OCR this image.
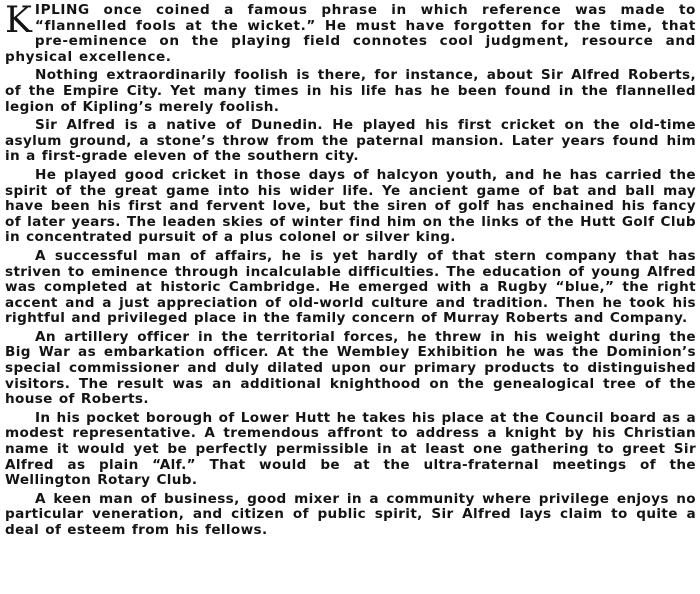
KIPLING once coined a famous phrase in which reference was made to “flannelled fools at the wicket.” He must have forgotten for the time, that pre-eminence on the playing field connotes cool judgment, resource and physical excellence.

Nothing extraordinarily foolish is there, for instance, about Sir Alfred Roberts, of the Empire City. Yet many times in his life has he been found in the flannelled legion of Kipling’s merely foolish.

Sir Alfred is a native of Dunedin. He played his first cricket on the old-time asylum ground, a stone’s throw from the paternal mansion. Later years found him in a first-grade eleven of the southern city.

He played good cricket in those days of halcyon youth, and he has carried the spirit of the great game into his wider life. Ye ancient game of bat and ball may have been his first and fervent love, but the siren of golf has enchained his fancy of later years. The leaden skies of winter find him on the links of the Hutt Golf Club in concentrated pursuit of a plus colonel or silver king.

A successful man of affairs, he is yet hardly of that stern company that has striven to eminence through incalculable difficulties. The education of young Alfred was completed at historic Cambridge. He emerged with a Rugby “blue,” the right accent and a just appreciation of old-world culture and tradition. Then he took his rightful and privileged place in the family concern of Murray Roberts and Company.

An artillery officer in the territorial forces, he threw in his weight during the Big War as embarkation officer. At the Wembley Exhibition he was the Dominion’s special commissioner and duly dilated upon our primary products to distinguished visitors. The result was an additional knighthood on the genealogical tree of the house of Roberts.

In his pocket borough of Lower Hutt he takes his place at the Council board as a modest representative. A tremendous affront to address a knight by his Christian name it would yet be perfectly permissible in at least one gathering to greet Sir Alfred as plain “Alf.” That would be at the ultra-fraternal meetings of the Wellington Rotary Club.

A keen man of business, good mixer in a community where privilege enjoys no particular veneration, and citizen of public spirit, Sir Alfred lays claim to quite a deal of esteem from his fellows.
